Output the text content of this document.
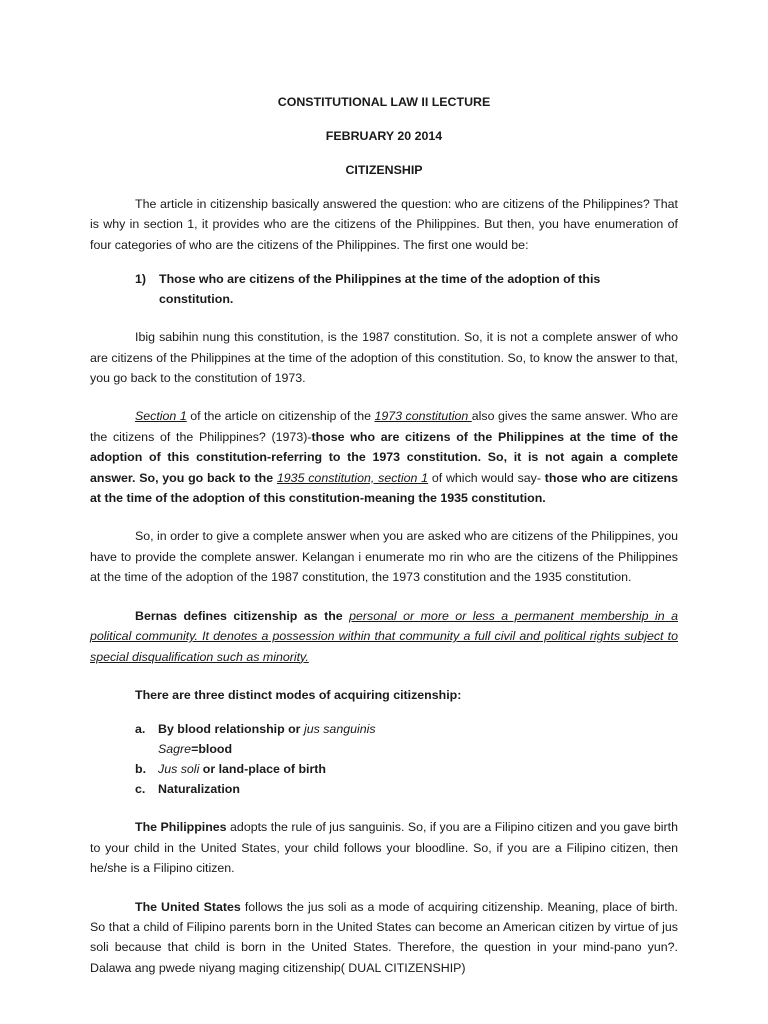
CONSTITUTIONAL LAW II LECTURE

FEBRUARY 20 2014

CITIZENSHIP

The article in citizenship basically answered the question: who are citizens of the Philippines? That is why in section 1, it provides who are the citizens of the Philippines. But then, you have enumeration of four categories of who are the citizens of the Philippines. The first one would be:

1)	Those who are citizens of the Philippines at the time of the adoption of this constitution.

Ibig sabihin nung this constitution, is the 1987 constitution. So, it is not a complete answer of who are citizens of the Philippines at the time of the adoption of this constitution. So, to know the answer to that, you go back to the constitution of 1973.

Section 1 of the article on citizenship of the 1973 constitution also gives the same answer. Who are the citizens of the Philippines? (1973)-those who are citizens of the Philippines at the time of the adoption of this constitution-referring to the 1973 constitution. So, it is not again a complete answer. So, you go back to the 1935 constitution, section 1 of which would say- those who are citizens at the time of the adoption of this constitution-meaning the 1935 constitution.

So, in order to give a complete answer when you are asked who are citizens of the Philippines, you have to provide the complete answer. Kelangan i enumerate mo rin who are the citizens of the Philippines at the time of the adoption of the 1987 constitution, the 1973 constitution and the 1935 constitution.

Bernas defines citizenship as the personal or more or less a permanent membership in a political community. It denotes a possession within that community a full civil and political rights subject to special disqualification such as minority.

There are three distinct modes of acquiring citizenship:

a.	By blood relationship or jus sanguinis
Sagre=blood
b. Jus soli or land-place of birth
c.	Naturalization

The Philippines adopts the rule of jus sanguinis. So, if you are a Filipino citizen and you gave birth to your child in the United States, your child follows your bloodline. So, if you are a Filipino citizen, then he/she is a Filipino citizen.

The United States follows the jus soli as a mode of acquiring citizenship. Meaning, place of birth. So that a child of Filipino parents born in the United States can become an American citizen by virtue of jus soli because that child is born in the United States. Therefore, the question in your mind-pano yun?. Dalawa ang pwede niyang maging citizenship( DUAL CITIZENSHIP)
